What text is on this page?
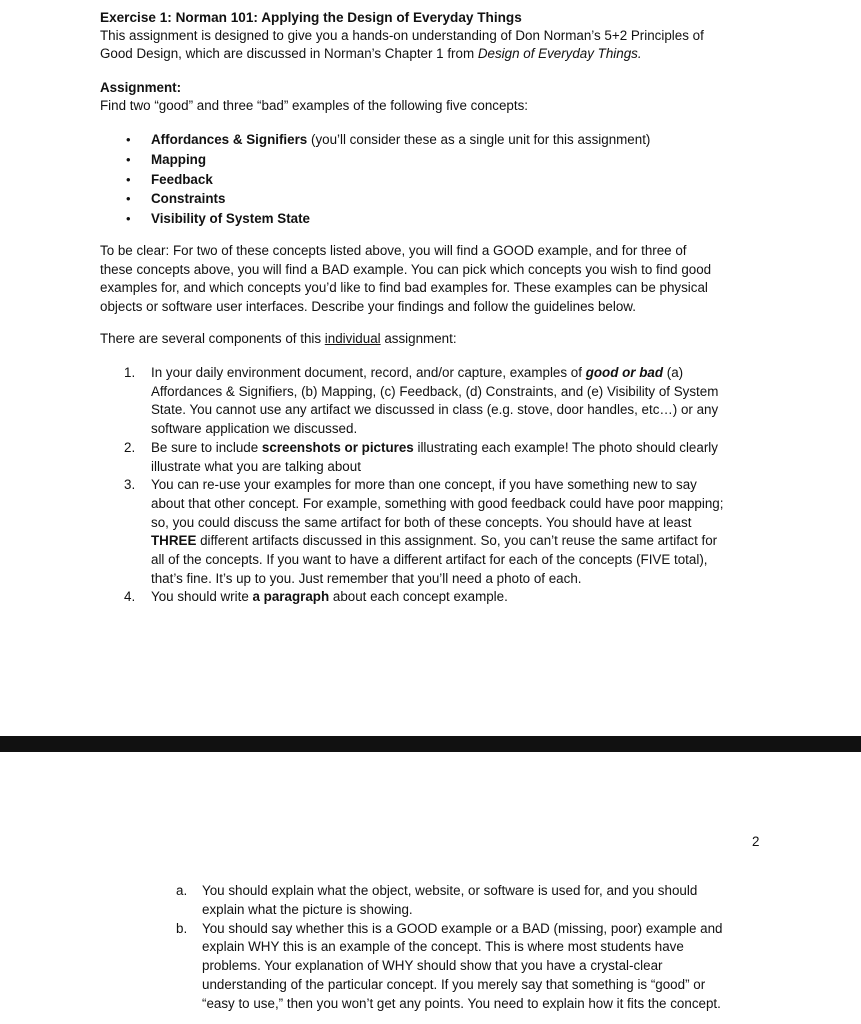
Exercise 1: Norman 101: Applying the Design of Everyday Things
This assignment is designed to give you a hands-on understanding of Don Norman’s 5+2 Principles of
Good Design, which are discussed in Norman’s Chapter 1 from Design of Everyday Things.
Assignment:
Find two “good” and three “bad” examples of the following five concepts:
• Affordances & Signifiers (you’ll consider these as a single unit for this assignment)
• Mapping
• Feedback
• Constraints
• Visibility of System State
To be clear: For two of these concepts listed above, you will find a GOOD example, and for three of
these concepts above, you will find a BAD example. You can pick which concepts you wish to find good
examples for, and which concepts you’d like to find bad examples for. These examples can be physical
objects or software user interfaces. Describe your findings and follow the guidelines below.
There are several components of this individual assignment:
1. In your daily environment document, record, and/or capture, examples of good or bad (a)
Affordances & Signifiers, (b) Mapping, (c) Feedback, (d) Constraints, and (e) Visibility of System
State. You cannot use any artifact we discussed in class (e.g. stove, door handles, etc…) or any
software application we discussed.
2. Be sure to include screenshots or pictures illustrating each example! The photo should clearly
illustrate what you are talking about
3. You can re-use your examples for more than one concept, if you have something new to say
about that other concept. For example, something with good feedback could have poor mapping;
so, you could discuss the same artifact for both of these concepts. You should have at least
THREE different artifacts discussed in this assignment. So, you can’t reuse the same artifact for
all of the concepts. If you want to have a different artifact for each of the concepts (FIVE total),
that’s fine. It’s up to you. Just remember that you’ll need a photo of each.
4. You should write a paragraph about each concept example.
2
a. You should explain what the object, website, or software is used for, and you should
explain what the picture is showing.
b. You should say whether this is a GOOD example or a BAD (missing, poor) example and
explain WHY this is an example of the concept. This is where most students have
problems. Your explanation of WHY should show that you have a crystal-clear
understanding of the particular concept. If you merely say that something is “good” or
“easy to use,” then you won’t get any points. You need to explain how it fits the concept.
